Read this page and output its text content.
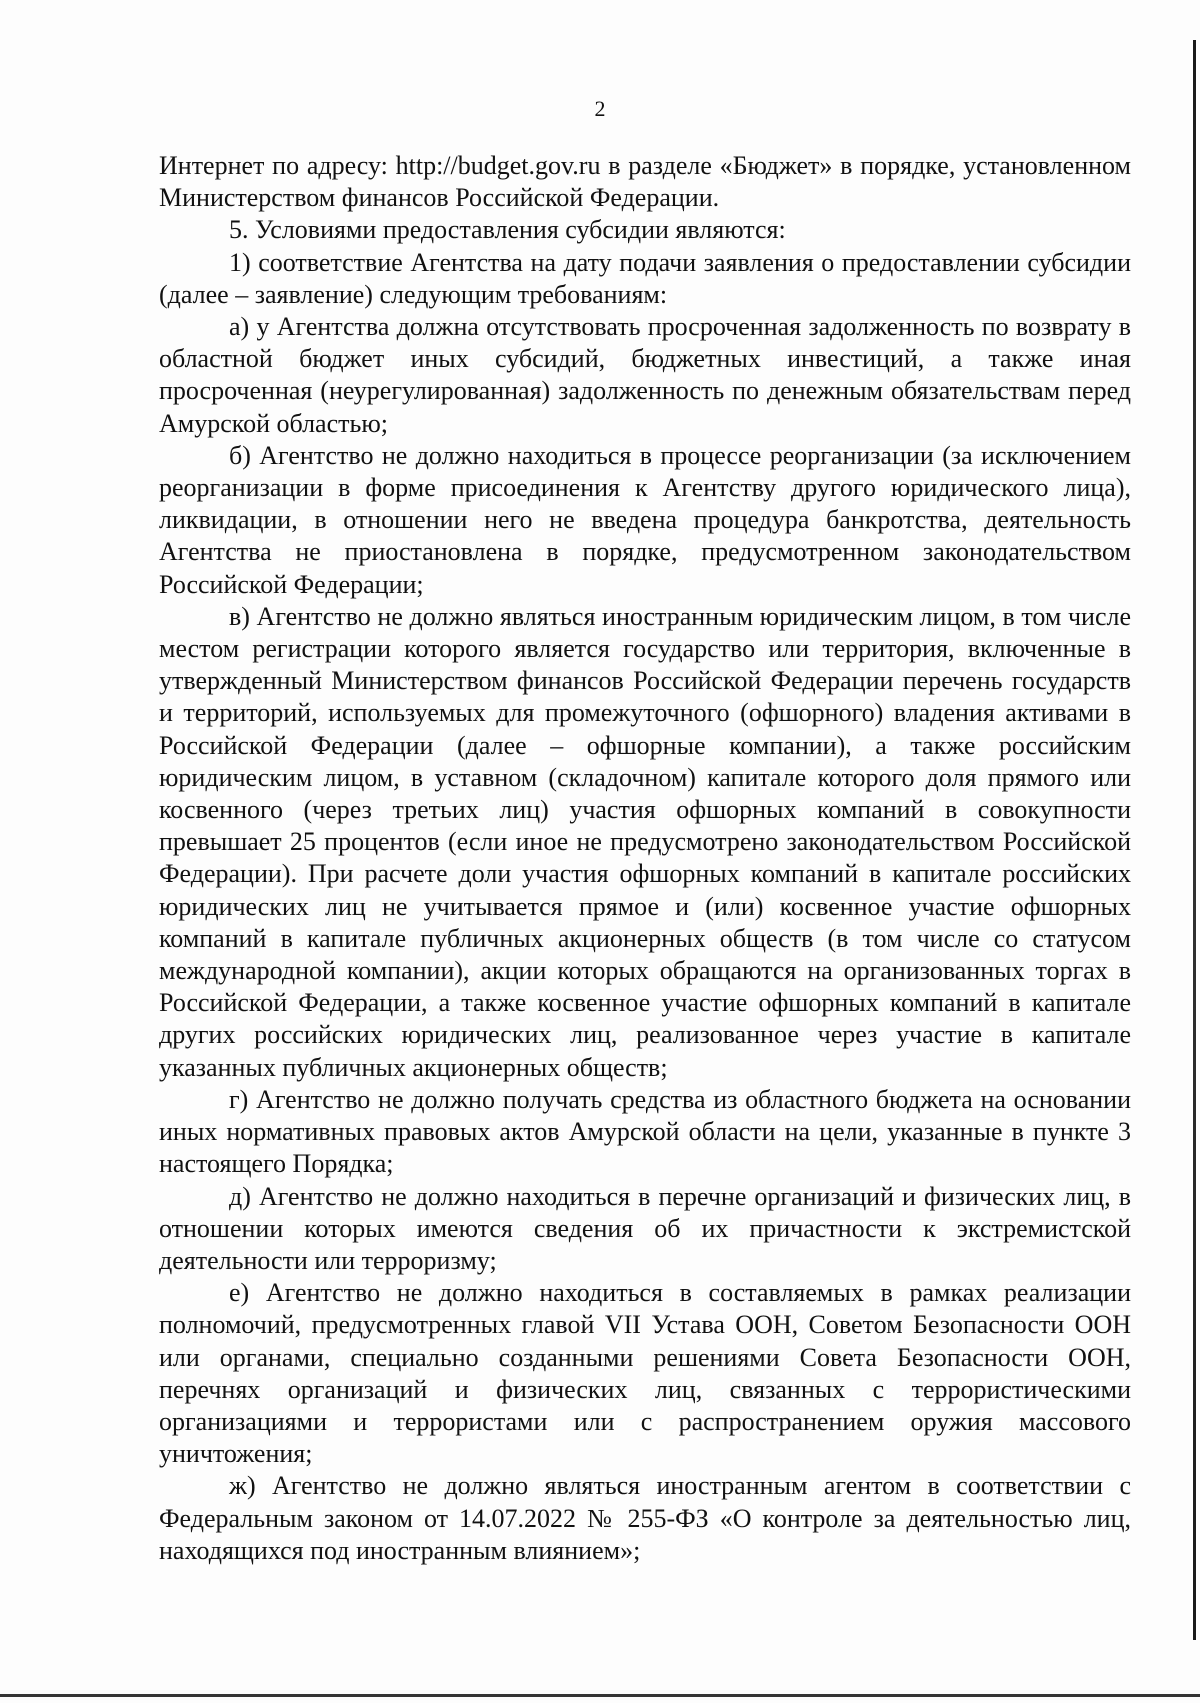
2

Интернет по адресу: http://budget.gov.ru в разделе «Бюджет» в порядке, установленном Министерством финансов Российской Федерации.

5. Условиями предоставления субсидии являются:

1) соответствие Агентства на дату подачи заявления о предоставлении субсидии (далее – заявление) следующим требованиям:

а) у Агентства должна отсутствовать просроченная задолженность по возврату в областной бюджет иных субсидий, бюджетных инвестиций, а также иная просроченная (неурегулированная) задолженность по денежным обязательствам перед Амурской областью;

б) Агентство не должно находиться в процессе реорганизации (за исключением реорганизации в форме присоединения к Агентству другого юридического лица), ликвидации, в отношении него не введена процедура банкротства, деятельность Агентства не приостановлена в порядке, предусмотренном законодательством Российской Федерации;

в) Агентство не должно являться иностранным юридическим лицом, в том числе местом регистрации которого является государство или территория, включенные в утвержденный Министерством финансов Российской Федерации перечень государств и территорий, используемых для промежуточного (офшорного) владения активами в Российской Федерации (далее – офшорные компании), а также российским юридическим лицом, в уставном (складочном) капитале которого доля прямого или косвенного (через третьих лиц) участия офшорных компаний в совокупности превышает 25 процентов (если иное не предусмотрено законодательством Российской Федерации). При расчете доли участия офшорных компаний в капитале российских юридических лиц не учитывается прямое и (или) косвенное участие офшорных компаний в капитале публичных акционерных обществ (в том числе со статусом международной компании), акции которых обращаются на организованных торгах в Российской Федерации, а также косвенное участие офшорных компаний в капитале других российских юридических лиц, реализованное через участие в капитале указанных публичных акционерных обществ;

г) Агентство не должно получать средства из областного бюджета на основании иных нормативных правовых актов Амурской области на цели, указанные в пункте 3 настоящего Порядка;

д) Агентство не должно находиться в перечне организаций и физических лиц, в отношении которых имеются сведения об их причастности к экстремистской деятельности или терроризму;

е) Агентство не должно находиться в составляемых в рамках реализации полномочий, предусмотренных главой VII Устава ООН, Советом Безопасности ООН или органами, специально созданными решениями Совета Безопасности ООН, перечнях организаций и физических лиц, связанных с террористическими организациями и террористами или с распространением оружия массового уничтожения;

ж) Агентство не должно являться иностранным агентом в соответствии с Федеральным законом от 14.07.2022 № 255-ФЗ «О контроле за деятельностью лиц, находящихся под иностранным влиянием»;
